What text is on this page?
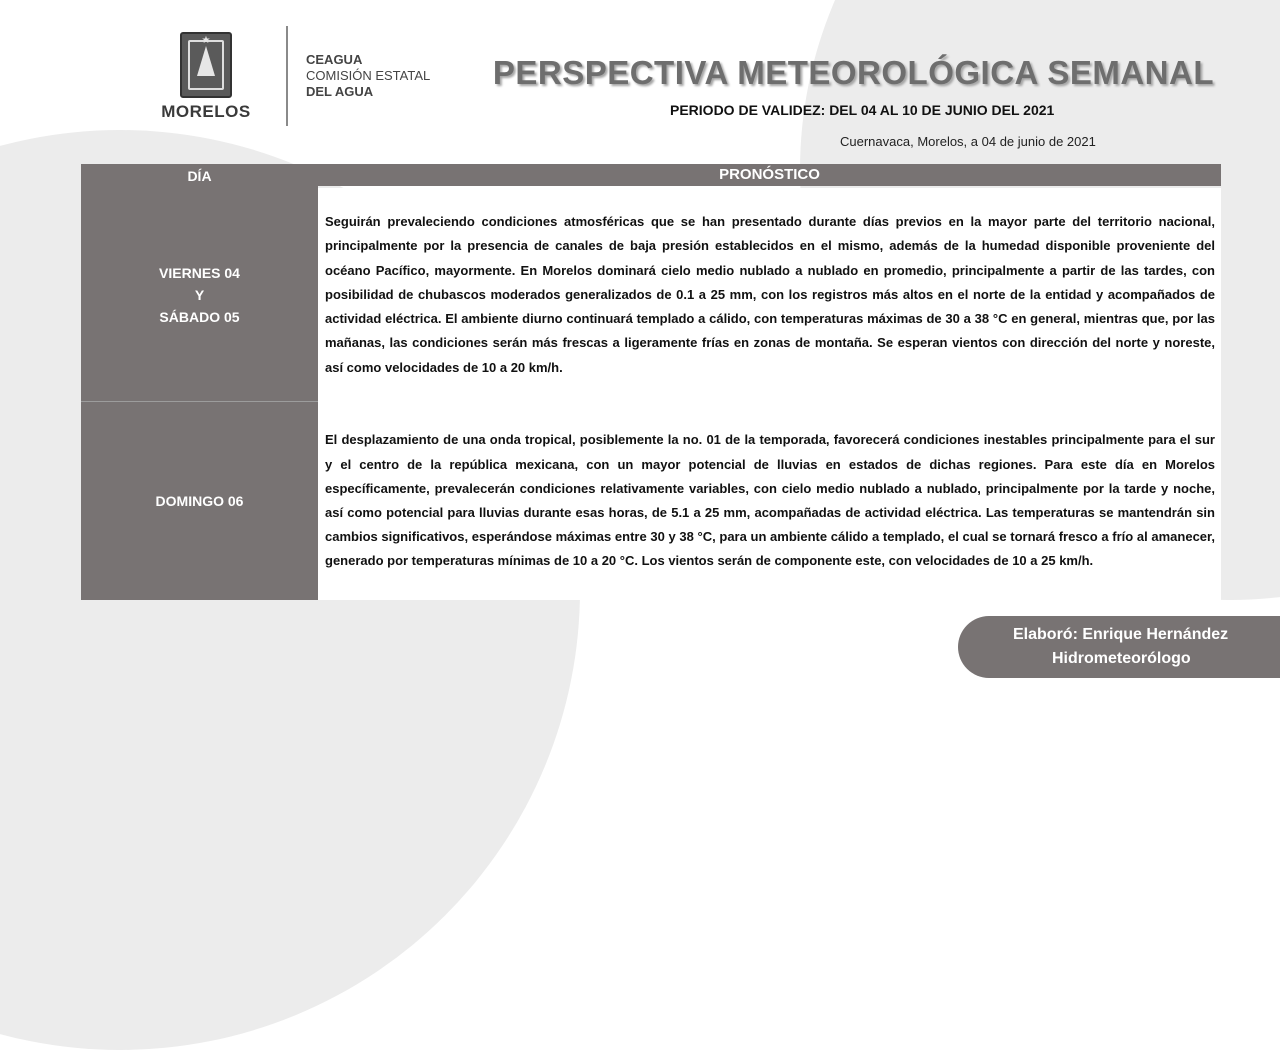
★
MORELOS
CEAGUA
COMISIÓN ESTATAL
DEL AGUA
PERSPECTIVA METEOROLÓGICA SEMANAL
PERIODO DE VALIDEZ: DEL 04 AL 10 DE JUNIO DEL 2021
Cuernavaca, Morelos, a 04 de junio de 2021
DÍA	PRONÓSTICO
VIERNES 04
Y
SÁBADO 05
Seguirán prevaleciendo condiciones atmosféricas que se han presentado durante días previos en la mayor parte del territorio nacional, principalmente por la presencia de canales de baja presión establecidos en el mismo, además de la humedad disponible proveniente del océano Pacífico, mayormente. En Morelos dominará cielo medio nublado a nublado en promedio, principalmente a partir de las tardes, con posibilidad de chubascos moderados generalizados de 0.1 a 25 mm, con los registros más altos en el norte de la entidad y acompañados de actividad eléctrica. El ambiente diurno continuará templado a cálido, con temperaturas máximas de 30 a 38 °C en general, mientras que, por las mañanas, las condiciones serán más frescas a ligeramente frías en zonas de montaña. Se esperan vientos con dirección del norte y noreste, así como velocidades de 10 a 20 km/h.
DOMINGO 06
El desplazamiento de una onda tropical, posiblemente la no. 01 de la temporada, favorecerá condiciones inestables principalmente para el sur y el centro de la república mexicana, con un mayor potencial de lluvias en estados de dichas regiones. Para este día en Morelos específicamente, prevalecerán condiciones relativamente variables, con cielo medio nublado a nublado, principalmente por la tarde y noche, así como potencial para lluvias durante esas horas, de 5.1 a 25 mm, acompañadas de actividad eléctrica. Las temperaturas se mantendrán sin cambios significativos, esperándose máximas entre 30 y 38 °C, para un ambiente cálido a templado, el cual se tornará fresco a frío al amanecer, generado por temperaturas mínimas de 10 a 20 °C. Los vientos serán de componente este, con velocidades de 10 a 25 km/h.
Elaboró: Enrique Hernández
Hidrometeorólogo
